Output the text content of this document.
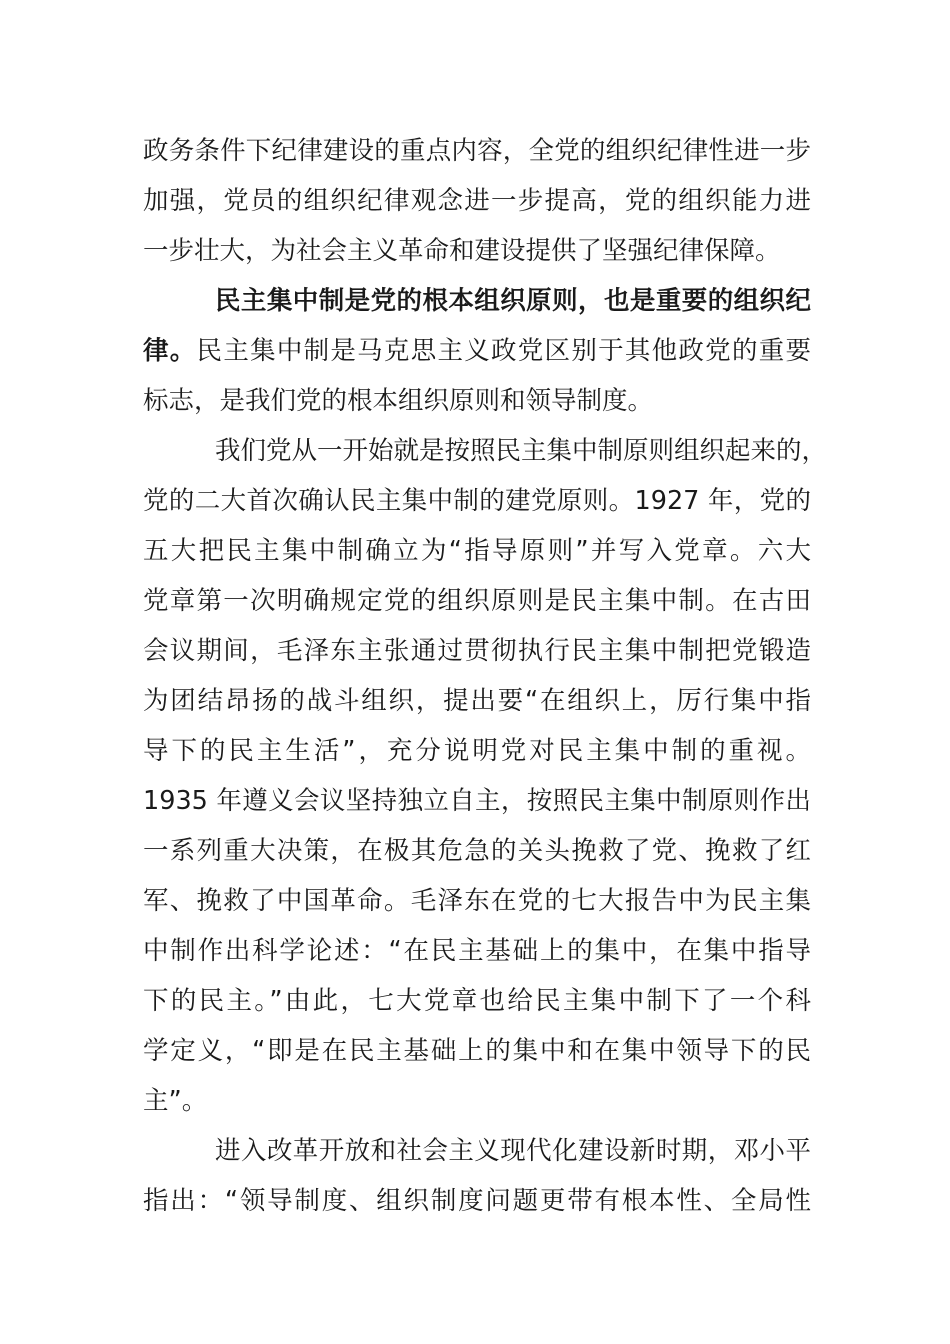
政务条件下纪律建设的重点内容，全党的组织纪律性进一步
加强，党员的组织纪律观念进一步提高，党的组织能力进
一步壮大，为社会主义革命和建设提供了坚强纪律保障。
民主集中制是党的根本组织原则，也是重要的组织纪
律。民主集中制是马克思主义政党区别于其他政党的重要
标志，是我们党的根本组织原则和领导制度。
我们党从一开始就是按照民主集中制原则组织起来的，
党的二大首次确认民主集中制的建党原则。1927 年，党的
五大把民主集中制确立为“指导原则”并写入党章。六大
党章第一次明确规定党的组织原则是民主集中制。在古田
会议期间，毛泽东主张通过贯彻执行民主集中制把党锻造
为团结昂扬的战斗组织，提出要“在组织上，厉行集中指
导下的民主生活”，充分说明党对民主集中制的重视。
1935 年遵义会议坚持独立自主，按照民主集中制原则作出
一系列重大决策，在极其危急的关头挽救了党、挽救了红
军、挽救了中国革命。毛泽东在党的七大报告中为民主集
中制作出科学论述：“在民主基础上的集中，在集中指导
下的民主。”由此，七大党章也给民主集中制下了一个科
学定义，“即是在民主基础上的集中和在集中领导下的民
主”。
进入改革开放和社会主义现代化建设新时期，邓小平
指出：“领导制度、组织制度问题更带有根本性、全局性
